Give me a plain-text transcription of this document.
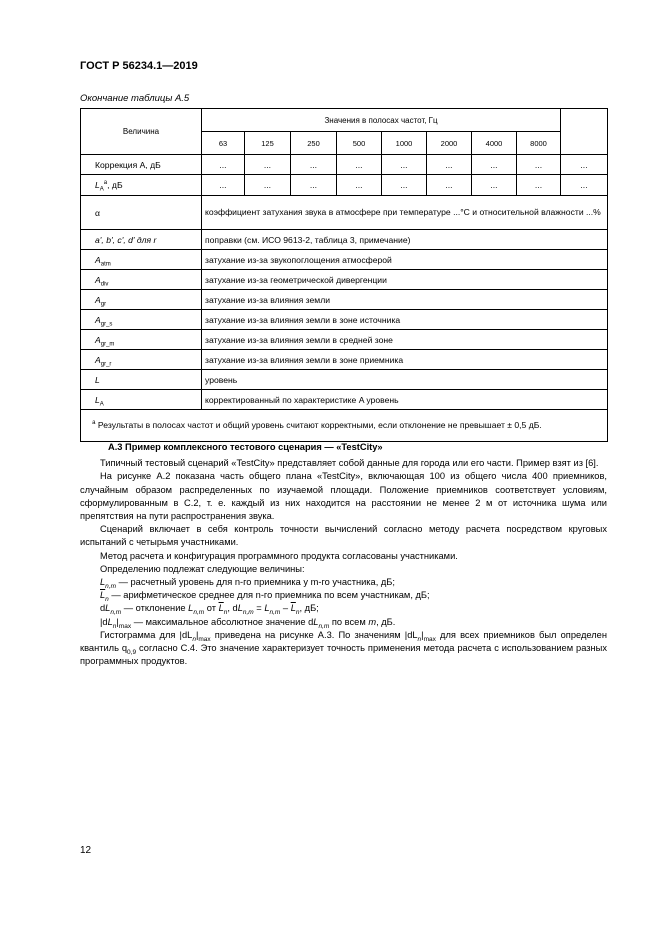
ГОСТ Р 56234.1—2019
Окончание таблицы А.5
Величина	Значения в полосах частот, Гц								
	63	125	250	500	1000	2000	4000	8000	
Коррекция А, дБ	...	...	...	...	...	...	...	...	...
$L_A^a$, дБ	...	...	...	...	...	...	...	...	...
α	коэффициент затухания звука в атмосфере при температуре ...°С и относительной влажности ...%								
a', b', c', d' для r	поправки (см. ИСО 9613-2, таблица 3, примечание)								
$A_{atm}$	затухание из-за звукопоглощения атмосферой								
$A_{div}$	затухание из-за геометрической дивергенции								
$A_{gr}$	затухание из-за влияния земли								
$A_{gr\_s}$	затухание из-за влияния земли в зоне источника								
$A_{gr\_m}$	затухание из-за влияния земли в средней зоне								
$A_{gr\_r}$	затухание из-за влияния земли в зоне приемника								
L	уровень								
$L_A$	корректированный по характеристике A уровень								
$^a$ Результаты в полосах частот и общий уровень считают корректными, если отклонение не превышает ± 0,5 дБ.									

А.3 Пример комплексного тестового сценария — «TestCity»

Типичный тестовый сценарий «TestCity» представляет собой данные для города или его части. Пример взят из [6].

На рисунке А.2 показана часть общего плана «TestCity», включающая 100 из общего числа 400 приемников, случайным образом распределенных по изучаемой площади. Положение приемников соответствует условиям, сформулированным в С.2, т. е. каждый из них находится на расстоянии не менее 2 м от источника шума или препятствия на пути распространения звука.

Сценарий включает в себя контроль точности вычислений согласно методу расчета посредством круговых испытаний с четырьмя участниками.

Метод расчета и конфигурация программного продукта согласованы участниками.

Определению подлежат следующие величины:

$L_{n,m}$ — расчетный уровень для n-го приемника у m-го участника, дБ;

$\overline{L}_n$ — арифметическое среднее для n-го приемника по всем участникам, дБ;

$dL_{n,m}$ — отклонение $L_{n,m}$ от $\overline{L}_n$, $dL_{n,m} = L_{n,m} - \overline{L}_n$, дБ;

$|dL_n|_{max}$ — максимальное абсолютное значение $dL_{n,m}$ по всем m, дБ.

Гистограмма для $|dL_n|_{max}$ приведена на рисунке А.3. По значениям $|dL_n|_{max}$ для всех приемников был определен квантиль $q_{0,9}$ согласно С.4. Это значение характеризует точность применения метода расчета с использованием разных программных продуктов.

12
